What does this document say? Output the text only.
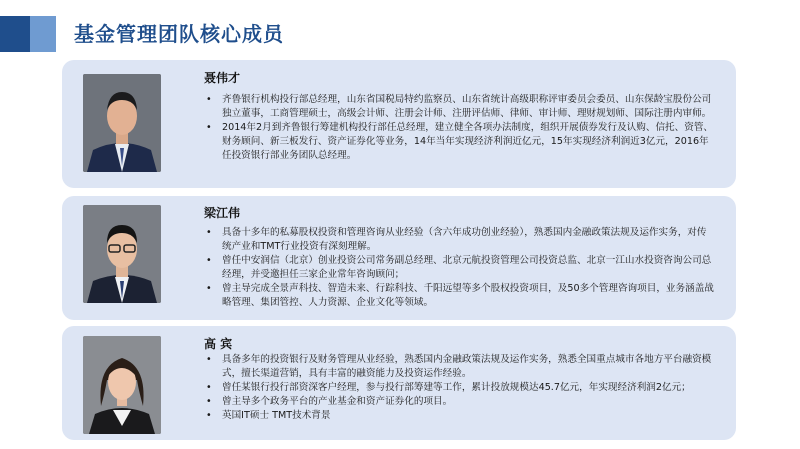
基金管理团队核心成员
聂伟才
• 齐鲁银行机构投行部总经理，山东省国税局特约监察员、山东省统计高级职称评审委员会委员、山东保龄宝股份公司独立董事，工商管理硕士，高级会计师、注册会计师、注册评估师、律师、审计师、理财规划师、国际注册内审师。
• 2014年2月到齐鲁银行筹建机构投行部任总经理，建立健全各项办法制度，组织开展债券发行及认购、信托、资管、财务顾问、新三板发行、资产证券化等业务，14年当年实现经济利润近亿元，15年实现经济利润近3亿元，2016年任投资银行部业务团队总经理。
梁江伟
• 具备十多年的私募股权投资和管理咨询从业经验（含六年成功创业经验），熟悉国内金融政策法规及运作实务，对传统产业和TMT行业投资有深刻理解。
• 曾任中安润信（北京）创业投资公司常务副总经理、北京元航投资管理公司投资总监、北京一江山水投资咨询公司总经理，并受邀担任三家企业常年咨询顾问；
• 曾主导完成全景声科技、智造未来、行踪科技、千阳远望等多个股权投资项目，及50多个管理咨询项目，业务涵盖战略管理、集团管控、人力资源、企业文化等领域。
高 宾
• 具备多年的投资银行及财务管理从业经验，熟悉国内金融政策法规及运作实务，熟悉全国重点城市各地方平台融资模式，擅长渠道营销，具有丰富的融资能力及投资运作经验。
• 曾任某银行投行部资深客户经理，参与投行部筹建等工作，累计投放规模达45.7亿元，年实现经济利润2亿元；
• 曾主导多个政务平台的产业基金和资产证券化的项目。
• 英国IT硕士 TMT技术背景
